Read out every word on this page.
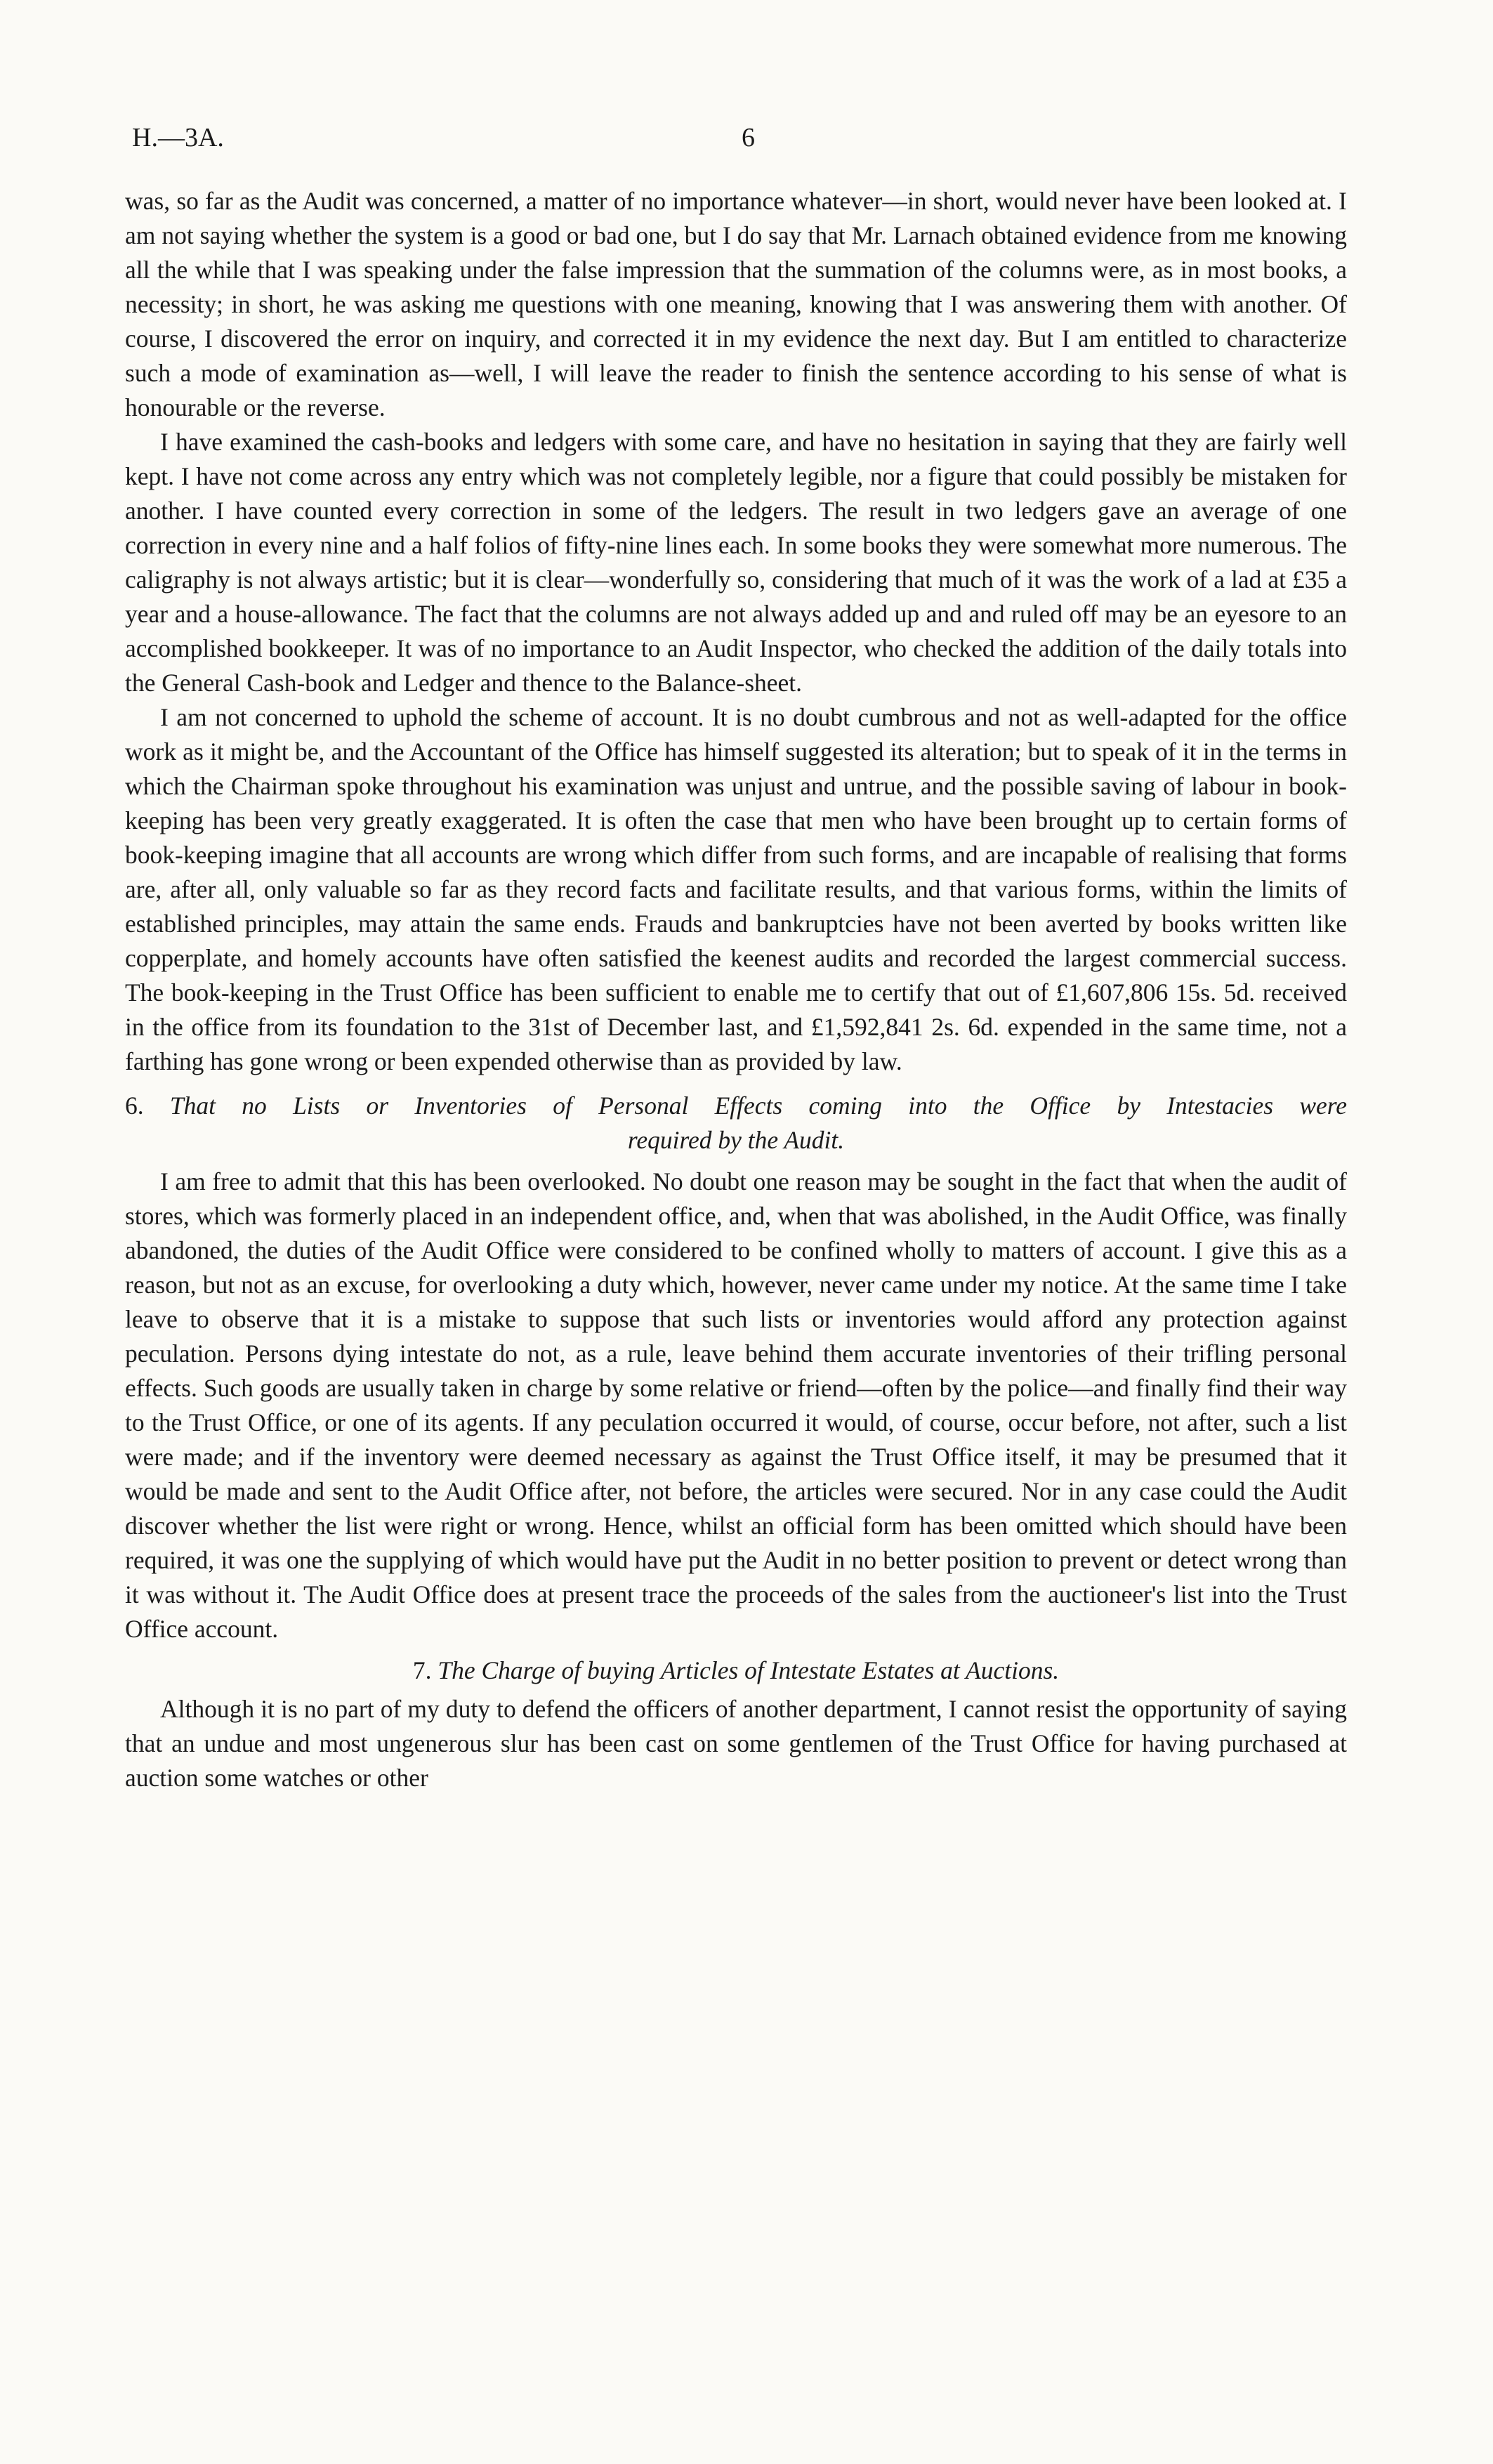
H.—3A.	6

was, so far as the Audit was concerned, a matter of no importance whatever—in short, would never have been looked at. I am not saying whether the system is a good or bad one, but I do say that Mr. Larnach obtained evidence from me knowing all the while that I was speaking under the false impression that the summation of the columns were, as in most books, a necessity; in short, he was asking me questions with one meaning, knowing that I was answering them with another. Of course, I discovered the error on inquiry, and corrected it in my evidence the next day. But I am entitled to characterize such a mode of examination as—well, I will leave the reader to finish the sentence according to his sense of what is honourable or the reverse.

I have examined the cash-books and ledgers with some care, and have no hesitation in saying that they are fairly well kept. I have not come across any entry which was not completely legible, nor a figure that could possibly be mistaken for another. I have counted every correction in some of the ledgers. The result in two ledgers gave an average of one correction in every nine and a half folios of fifty-nine lines each. In some books they were somewhat more numerous. The caligraphy is not always artistic; but it is clear—wonderfully so, considering that much of it was the work of a lad at £35 a year and a house-allowance. The fact that the columns are not always added up and and ruled off may be an eyesore to an accomplished bookkeeper. It was of no importance to an Audit Inspector, who checked the addition of the daily totals into the General Cash-book and Ledger and thence to the Balance-sheet.

I am not concerned to uphold the scheme of account. It is no doubt cumbrous and not as well-adapted for the office work as it might be, and the Accountant of the Office has himself suggested its alteration; but to speak of it in the terms in which the Chairman spoke throughout his examination was unjust and untrue, and the possible saving of labour in book-keeping has been very greatly exaggerated. It is often the case that men who have been brought up to certain forms of book-keeping imagine that all accounts are wrong which differ from such forms, and are incapable of realising that forms are, after all, only valuable so far as they record facts and facilitate results, and that various forms, within the limits of established principles, may attain the same ends. Frauds and bankruptcies have not been averted by books written like copperplate, and homely accounts have often satisfied the keenest audits and recorded the largest commercial success. The book-keeping in the Trust Office has been sufficient to enable me to certify that out of £1,607,806 15s. 5d. received in the office from its foundation to the 31st of December last, and £1,592,841 2s. 6d. expended in the same time, not a farthing has gone wrong or been expended otherwise than as provided by law.

6. That no Lists or Inventories of Personal Effects coming into the Office by Intestacies were
required by the Audit.

I am free to admit that this has been overlooked. No doubt one reason may be sought in the fact that when the audit of stores, which was formerly placed in an independent office, and, when that was abolished, in the Audit Office, was finally abandoned, the duties of the Audit Office were considered to be confined wholly to matters of account. I give this as a reason, but not as an excuse, for overlooking a duty which, however, never came under my notice. At the same time I take leave to observe that it is a mistake to suppose that such lists or inventories would afford any protection against peculation. Persons dying intestate do not, as a rule, leave behind them accurate inventories of their trifling personal effects. Such goods are usually taken in charge by some relative or friend—often by the police—and finally find their way to the Trust Office, or one of its agents. If any peculation occurred it would, of course, occur before, not after, such a list were made; and if the inventory were deemed necessary as against the Trust Office itself, it may be presumed that it would be made and sent to the Audit Office after, not before, the articles were secured. Nor in any case could the Audit discover whether the list were right or wrong. Hence, whilst an official form has been omitted which should have been required, it was one the supplying of which would have put the Audit in no better position to prevent or detect wrong than it was without it. The Audit Office does at present trace the proceeds of the sales from the auctioneer's list into the Trust Office account.

7. The Charge of buying Articles of Intestate Estates at Auctions.

Although it is no part of my duty to defend the officers of another department, I cannot resist the opportunity of saying that an undue and most ungenerous slur has been cast on some gentlemen of the Trust Office for having purchased at auction some watches or other
